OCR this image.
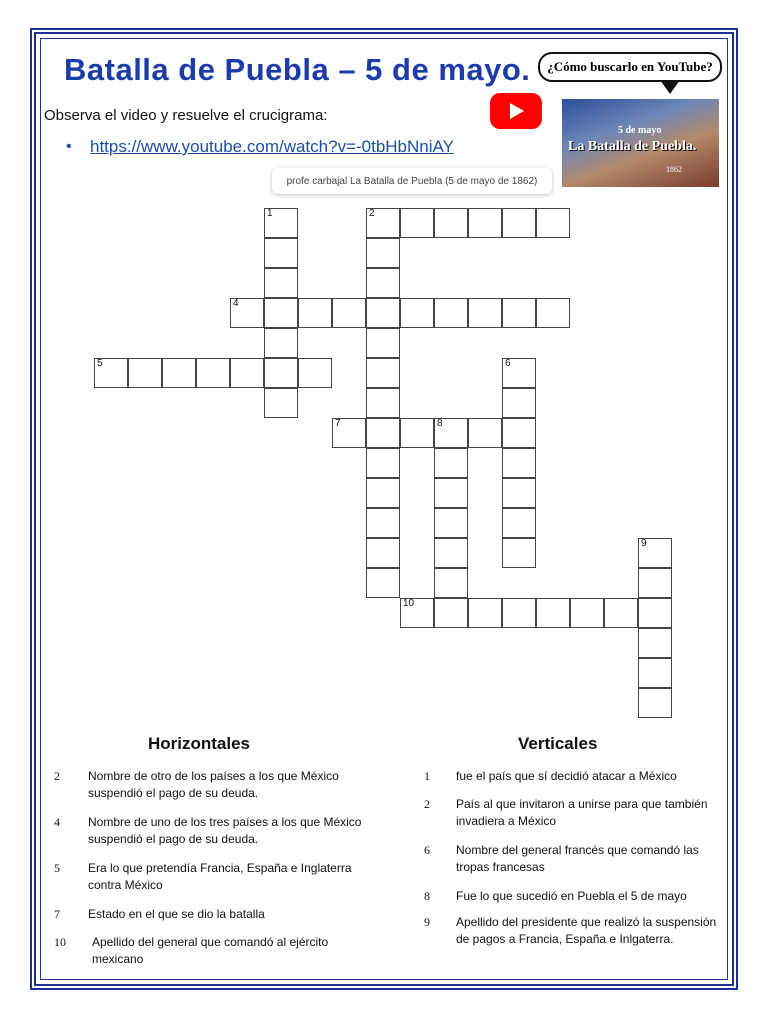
Batalla de Puebla – 5 de mayo.	¿Cómo buscarlo en YouTube?
5 de mayo
La Batalla de Puebla.
1862
Observa el video y resuelve el crucigrama:
• https://www.youtube.com/watch?v=-0tbHbNniAY
profe carbajal La Batalla de Puebla (5 de mayo de 1862)
1	2
4
5	6
7	8
10
9
Horizontales	Verticales
2 Nombre de otro de los países a los que México suspendió el pago de su deuda.
4 Nombre de uno de los tres países a los que México suspendió el pago de su deuda.
5 Era lo que pretendía Francia, España e Inglaterra contra México
7 Estado en el que se dio la batalla
10 Apellido del general que comandó al ejército mexicano
1 fue el país que sí decidió atacar a México
2 País al que invitaron a unirse para que también invadiera a México
6 Nombre del general francés que comandó las tropas francesas
8 Fue lo que sucedió en Puebla el 5 de mayo
9 Apellido del presidente que realizó la suspensión de pagos a Francia, España e Inlgaterra.
